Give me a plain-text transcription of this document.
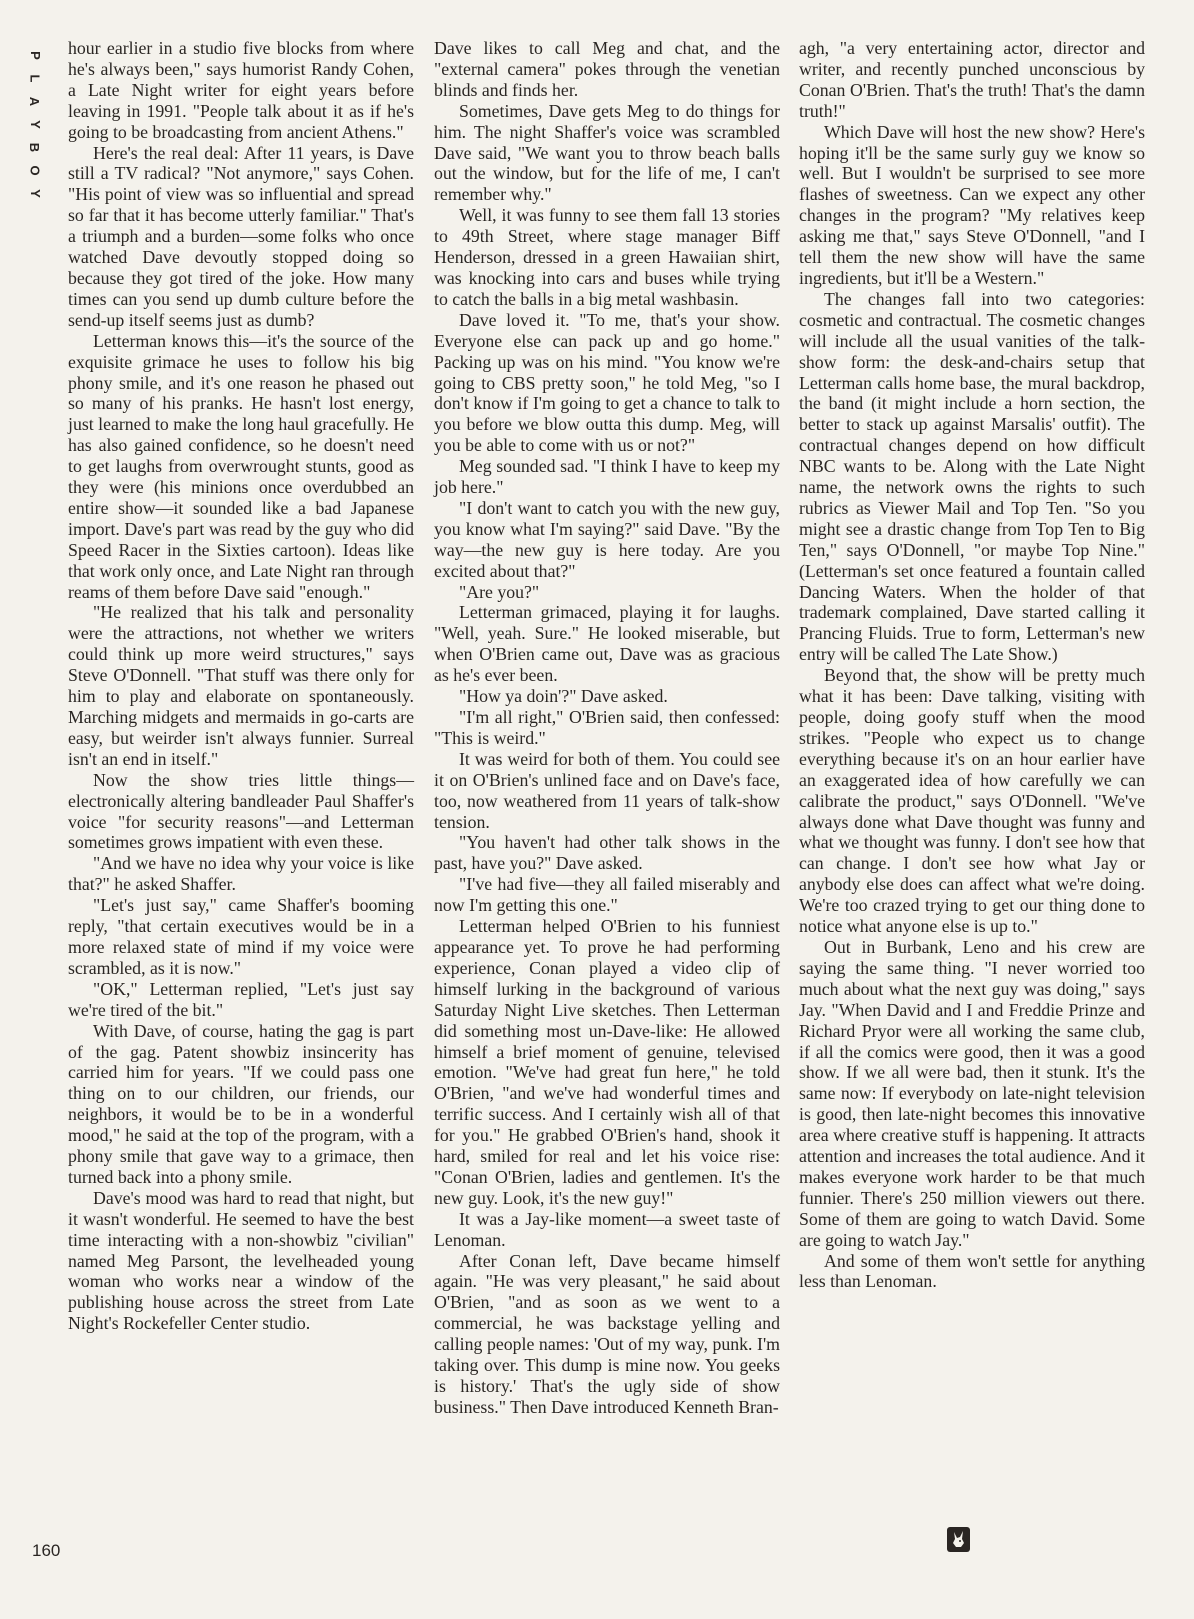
P
L
A
Y
B
O
Y

hour earlier in a studio five blocks from where he's always been," says humorist Randy Cohen, a Late Night writer for eight years before leaving in 1991. "People talk about it as if he's going to be broadcasting from ancient Athens."

Here's the real deal: After 11 years, is Dave still a TV radical? "Not anymore," says Cohen. "His point of view was so influential and spread so far that it has become utterly familiar." That's a triumph and a burden—some folks who once watched Dave devoutly stopped doing so because they got tired of the joke. How many times can you send up dumb culture before the send-up itself seems just as dumb?

Letterman knows this—it's the source of the exquisite grimace he uses to follow his big phony smile, and it's one reason he phased out so many of his pranks. He hasn't lost energy, just learned to make the long haul gracefully. He has also gained confidence, so he doesn't need to get laughs from overwrought stunts, good as they were (his minions once overdubbed an entire show—it sounded like a bad Japanese import. Dave's part was read by the guy who did Speed Racer in the Sixties cartoon). Ideas like that work only once, and Late Night ran through reams of them before Dave said "enough."

"He realized that his talk and personality were the attractions, not whether we writers could think up more weird structures," says Steve O'Donnell. "That stuff was there only for him to play and elaborate on spontaneously. Marching midgets and mermaids in go-carts are easy, but weirder isn't always funnier. Surreal isn't an end in itself."

Now the show tries little things—electronically altering bandleader Paul Shaffer's voice "for security reasons"—and Letterman sometimes grows impatient with even these.

"And we have no idea why your voice is like that?" he asked Shaffer.

"Let's just say," came Shaffer's booming reply, "that certain executives would be in a more relaxed state of mind if my voice were scrambled, as it is now."

"OK," Letterman replied, "Let's just say we're tired of the bit."

With Dave, of course, hating the gag is part of the gag. Patent showbiz insincerity has carried him for years. "If we could pass one thing on to our children, our friends, our neighbors, it would be to be in a wonderful mood," he said at the top of the program, with a phony smile that gave way to a grimace, then turned back into a phony smile.

Dave's mood was hard to read that night, but it wasn't wonderful. He seemed to have the best time interacting with a non-showbiz "civilian" named Meg Parsont, the levelheaded young woman who works near a window of the publishing house across the street from Late Night's Rockefeller Center studio.

Dave likes to call Meg and chat, and the "external camera" pokes through the venetian blinds and finds her.

Sometimes, Dave gets Meg to do things for him. The night Shaffer's voice was scrambled Dave said, "We want you to throw beach balls out the window, but for the life of me, I can't remember why."

Well, it was funny to see them fall 13 stories to 49th Street, where stage manager Biff Henderson, dressed in a green Hawaiian shirt, was knocking into cars and buses while trying to catch the balls in a big metal washbasin.

Dave loved it. "To me, that's your show. Everyone else can pack up and go home." Packing up was on his mind. "You know we're going to CBS pretty soon," he told Meg, "so I don't know if I'm going to get a chance to talk to you before we blow outta this dump. Meg, will you be able to come with us or not?"

Meg sounded sad. "I think I have to keep my job here."

"I don't want to catch you with the new guy, you know what I'm saying?" said Dave. "By the way—the new guy is here today. Are you excited about that?"

"Are you?"

Letterman grimaced, playing it for laughs. "Well, yeah. Sure." He looked miserable, but when O'Brien came out, Dave was as gracious as he's ever been.

"How ya doin'?" Dave asked.

"I'm all right," O'Brien said, then confessed: "This is weird."

It was weird for both of them. You could see it on O'Brien's unlined face and on Dave's face, too, now weathered from 11 years of talk-show tension.

"You haven't had other talk shows in the past, have you?" Dave asked.

"I've had five—they all failed miserably and now I'm getting this one."

Letterman helped O'Brien to his funniest appearance yet. To prove he had performing experience, Conan played a video clip of himself lurking in the background of various Saturday Night Live sketches. Then Letterman did something most un-Dave-like: He allowed himself a brief moment of genuine, televised emotion. "We've had great fun here," he told O'Brien, "and we've had wonderful times and terrific success. And I certainly wish all of that for you." He grabbed O'Brien's hand, shook it hard, smiled for real and let his voice rise: "Conan O'Brien, ladies and gentlemen. It's the new guy. Look, it's the new guy!"

It was a Jay-like moment—a sweet taste of Lenoman.

After Conan left, Dave became himself again. "He was very pleasant," he said about O'Brien, "and as soon as we went to a commercial, he was backstage yelling and calling people names: 'Out of my way, punk. I'm taking over. This dump is mine now. You geeks is history.' That's the ugly side of show business." Then Dave introduced Kenneth Bran-

agh, "a very entertaining actor, director and writer, and recently punched unconscious by Conan O'Brien. That's the truth! That's the damn truth!"

Which Dave will host the new show? Here's hoping it'll be the same surly guy we know so well. But I wouldn't be surprised to see more flashes of sweetness. Can we expect any other changes in the program? "My relatives keep asking me that," says Steve O'Donnell, "and I tell them the new show will have the same ingredients, but it'll be a Western."

The changes fall into two categories: cosmetic and contractual. The cosmetic changes will include all the usual vanities of the talk-show form: the desk-and-chairs setup that Letterman calls home base, the mural backdrop, the band (it might include a horn section, the better to stack up against Marsalis' outfit). The contractual changes depend on how difficult NBC wants to be. Along with the Late Night name, the network owns the rights to such rubrics as Viewer Mail and Top Ten. "So you might see a drastic change from Top Ten to Big Ten," says O'Donnell, "or maybe Top Nine." (Letterman's set once featured a fountain called Dancing Waters. When the holder of that trademark complained, Dave started calling it Prancing Fluids. True to form, Letterman's new entry will be called The Late Show.)

Beyond that, the show will be pretty much what it has been: Dave talking, visiting with people, doing goofy stuff when the mood strikes. "People who expect us to change everything because it's on an hour earlier have an exaggerated idea of how carefully we can calibrate the product," says O'Donnell. "We've always done what Dave thought was funny and what we thought was funny. I don't see how that can change. I don't see how what Jay or anybody else does can affect what we're doing. We're too crazed trying to get our thing done to notice what anyone else is up to."

Out in Burbank, Leno and his crew are saying the same thing. "I never worried too much about what the next guy was doing," says Jay. "When David and I and Freddie Prinze and Richard Pryor were all working the same club, if all the comics were good, then it was a good show. If we all were bad, then it stunk. It's the same now: If everybody on late-night television is good, then late-night becomes this innovative area where creative stuff is happening. It attracts attention and increases the total audience. And it makes everyone work harder to be that much funnier. There's 250 million viewers out there. Some of them are going to watch David. Some are going to watch Jay."

And some of them won't settle for anything less than Lenoman.

160
